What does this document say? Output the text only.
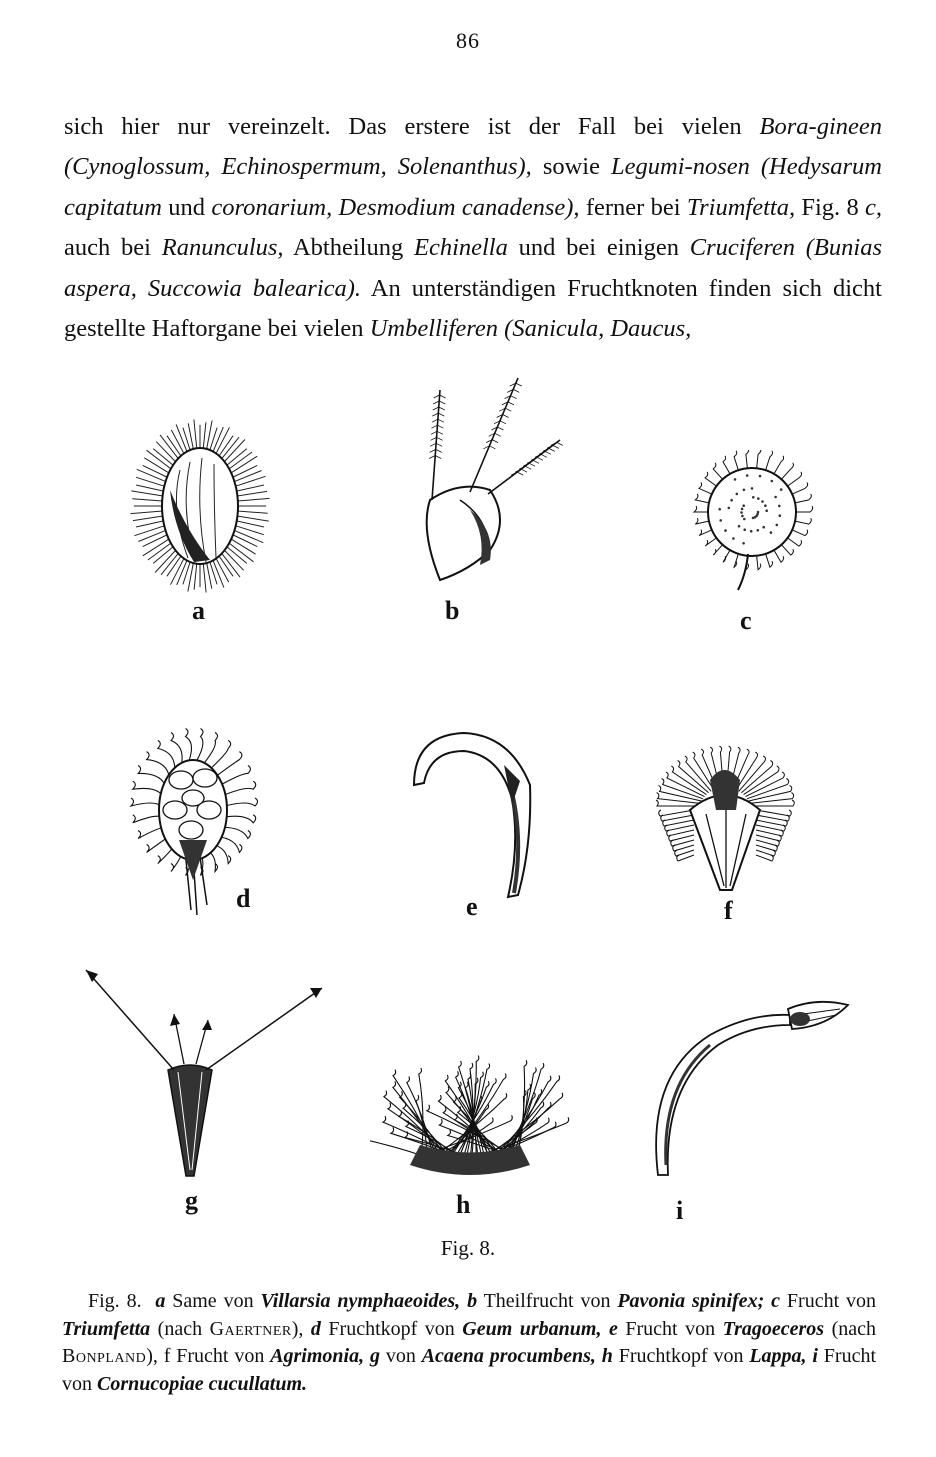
86

sich hier nur vereinzelt. Das erstere ist der Fall bei vielen Bora-gineen (Cynoglossum, Echinospermum, Solenanthus), sowie Legumi-nosen (Hedysarum capitatum und coronarium, Desmodium canadense), ferner bei Triumfetta, Fig. 8 c, auch bei Ranunculus, Abtheilung Echinella und bei einigen Cruciferen (Bunias aspera, Succowia balearica). An unterständigen Fruchtknoten finden sich dicht gestellte Haftorgane bei vielen Umbelliferen (Sanicula, Daucus,

a	b	c
d	e	f
g	h	i
Fig. 8.

Fig. 8. a Same von Villarsia nymphaeoides, b Theilfrucht von Pavonia spinifex; c Frucht von Triumfetta (nach Gaertner), d Fruchtkopf von Geum urbanum, e Frucht von Tragoeceros (nach Bonpland), f Frucht von Agrimonia, g von Acaena procumbens, h Fruchtkopf von Lappa, i Frucht von Cornucopiae cucullatum.
